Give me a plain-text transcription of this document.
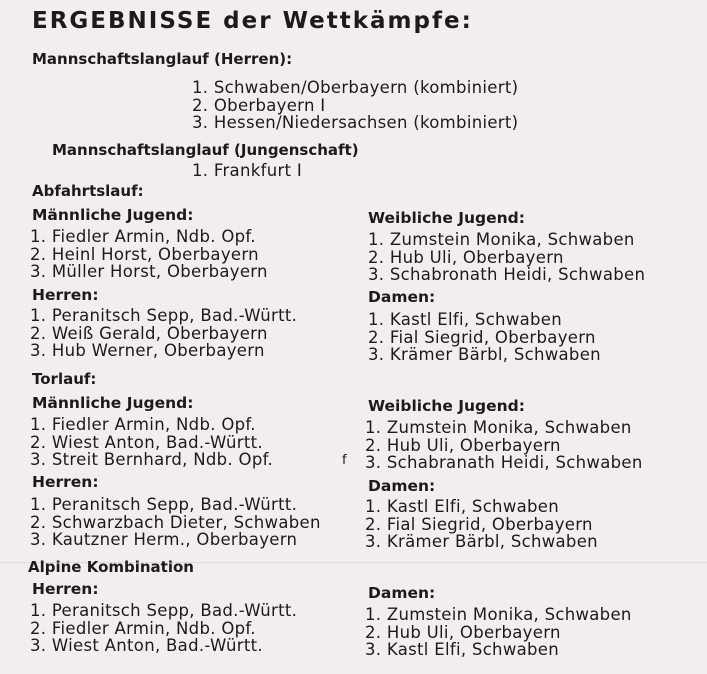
ERGEBNISSE der Wettkämpfe:
Mannschaftslanglauf (Herren):
1. Schwaben/Oberbayern (kombiniert)
2. Oberbayern I
3. Hessen/Niedersachsen (kombiniert)
Mannschaftslanglauf (Jungenschaft)
1. Frankfurt I
Abfahrtslauf:
Männliche Jugend:
1. Fiedler Armin, Ndb. Opf.
2. Heinl Horst, Oberbayern
3. Müller Horst, Oberbayern
Weibliche Jugend:
1. Zumstein Monika, Schwaben
2. Hub Uli, Oberbayern
3. Schabronath Heidi, Schwaben
Herren:
1. Peranitsch Sepp, Bad.-Württ.
2. Weiß Gerald, Oberbayern
3. Hub Werner, Oberbayern
Damen:
1. Kastl Elfi, Schwaben
2. Fial Siegrid, Oberbayern
3. Krämer Bärbl, Schwaben
Torlauf:
Männliche Jugend:
1. Fiedler Armin, Ndb. Opf.
2. Wiest Anton, Bad.-Württ.
3. Streit Bernhard, Ndb. Opf.	f
Weibliche Jugend:
1. Zumstein Monika, Schwaben
2. Hub Uli, Oberbayern
3. Schabranath Heidi, Schwaben
Herren:
1. Peranitsch Sepp, Bad.-Württ.
2. Schwarzbach Dieter, Schwaben
3. Kautzner Herm., Oberbayern
Damen:
1. Kastl Elfi, Schwaben
2. Fial Siegrid, Oberbayern
3. Krämer Bärbl, Schwaben
Alpine Kombination
Herren:
1. Peranitsch Sepp, Bad.-Württ.
2. Fiedler Armin, Ndb. Opf.
3. Wiest Anton, Bad.-Württ.
Damen:
1. Zumstein Monika, Schwaben
2. Hub Uli, Oberbayern
3. Kastl Elfi, Schwaben
